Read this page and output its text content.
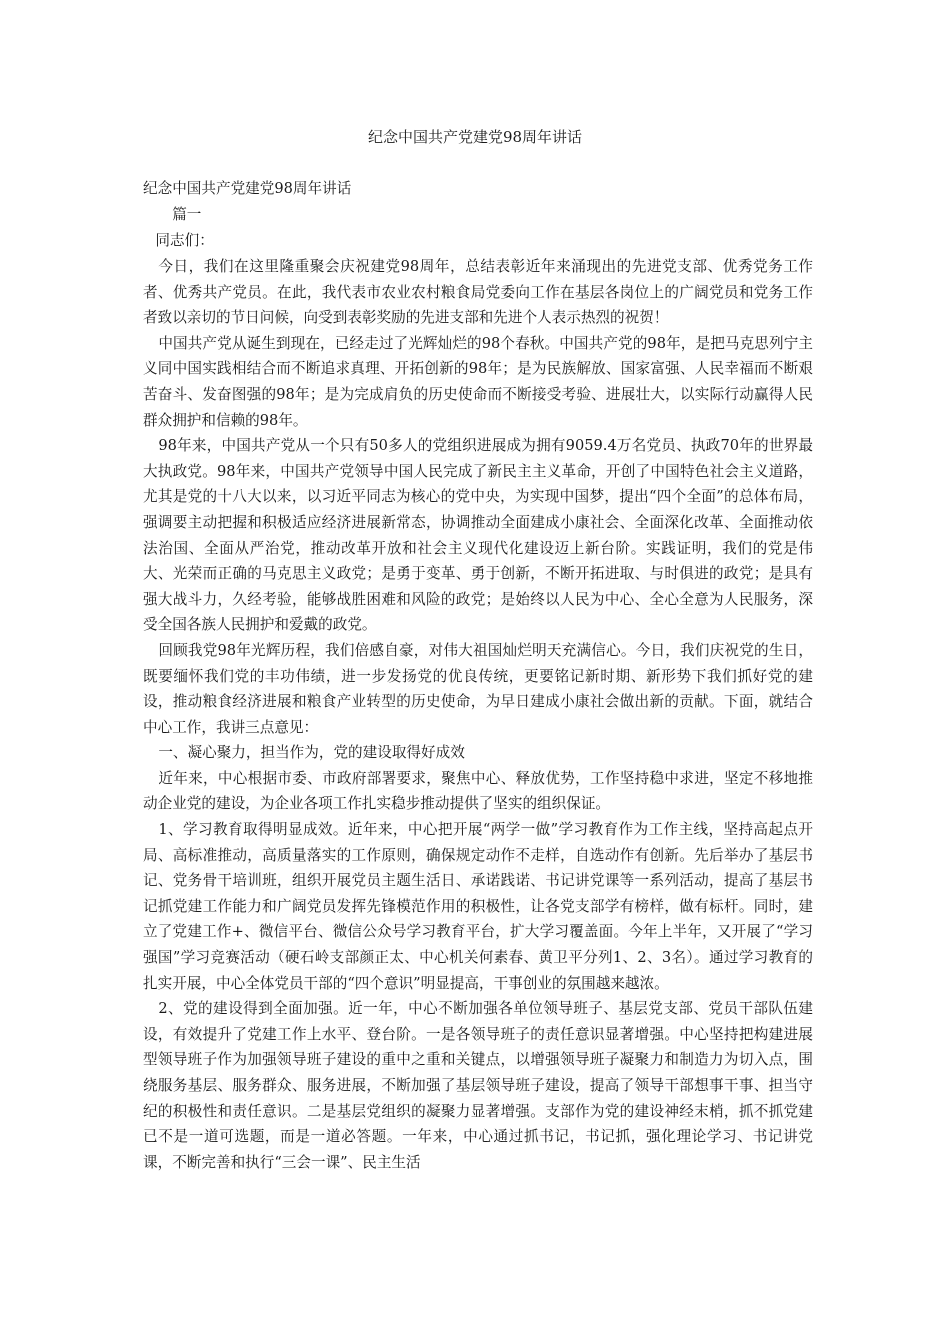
纪念中国共产党建党98周年讲话

纪念中国共产党建党98周年讲话

篇一

同志们：

今日，我们在这里隆重聚会庆祝建党98周年，总结表彰近年来涌现出的先进党支部、优秀党务工作者、优秀共产党员。在此，我代表市农业农村粮食局党委向工作在基层各岗位上的广阔党员和党务工作者致以亲切的节日问候，向受到表彰奖励的先进支部和先进个人表示热烈的祝贺！

中国共产党从诞生到现在，已经走过了光辉灿烂的98个春秋。中国共产党的98年，是把马克思列宁主义同中国实践相结合而不断追求真理、开拓创新的98年；是为民族解放、国家富强、人民幸福而不断艰苦奋斗、发奋图强的98年；是为完成肩负的历史使命而不断接受考验、进展壮大，以实际行动赢得人民群众拥护和信赖的98年。

98年来，中国共产党从一个只有50多人的党组织进展成为拥有9059.4万名党员、执政70年的世界最大执政党。98年来，中国共产党领导中国人民完成了新民主主义革命，开创了中国特色社会主义道路，尤其是党的十八大以来，以习近平同志为核心的党中央，为实现中国梦，提出“四个全面”的总体布局，强调要主动把握和积极适应经济进展新常态，协调推动全面建成小康社会、全面深化改革、全面推动依法治国、全面从严治党，推动改革开放和社会主义现代化建设迈上新台阶。实践证明，我们的党是伟大、光荣而正确的马克思主义政党；是勇于变革、勇于创新，不断开拓进取、与时俱进的政党；是具有强大战斗力，久经考验，能够战胜困难和风险的政党；是始终以人民为中心、全心全意为人民服务，深受全国各族人民拥护和爱戴的政党。

回顾我党98年光辉历程，我们倍感自豪，对伟大祖国灿烂明天充满信心。今日，我们庆祝党的生日，既要缅怀我们党的丰功伟绩，进一步发扬党的优良传统，更要铭记新时期、新形势下我们抓好党的建设，推动粮食经济进展和粮食产业转型的历史使命，为早日建成小康社会做出新的贡献。下面，就结合中心工作，我讲三点意见：

一、凝心聚力，担当作为，党的建设取得好成效

近年来，中心根据市委、市政府部署要求，聚焦中心、释放优势，工作坚持稳中求进，坚定不移地推动企业党的建设，为企业各项工作扎实稳步推动提供了坚实的组织保证。

1、学习教育取得明显成效。近年来，中心把开展“两学一做”学习教育作为工作主线，坚持高起点开局、高标准推动，高质量落实的工作原则，确保规定动作不走样，自选动作有创新。先后举办了基层书记、党务骨干培训班，组织开展党员主题生活日、承诺践诺、书记讲党课等一系列活动，提高了基层书记抓党建工作能力和广阔党员发挥先锋模范作用的积极性，让各党支部学有榜样，做有标杆。同时，建立了党建工作+、微信平台、微信公众号学习教育平台，扩大学习覆盖面。今年上半年，又开展了“学习强国”学习竞赛活动（硬石岭支部颜正太、中心机关何素春、黄卫平分列1、2、3名）。通过学习教育的扎实开展，中心全体党员干部的“四个意识”明显提高，干事创业的氛围越来越浓。

2、党的建设得到全面加强。近一年，中心不断加强各单位领导班子、基层党支部、党员干部队伍建设，有效提升了党建工作上水平、登台阶。一是各领导班子的责任意识显著增强。中心坚持把构建进展型领导班子作为加强领导班子建设的重中之重和关键点，以增强领导班子凝聚力和制造力为切入点，围绕服务基层、服务群众、服务进展，不断加强了基层领导班子建设，提高了领导干部想事干事、担当守纪的积极性和责任意识。二是基层党组织的凝聚力显著增强。支部作为党的建设神经末梢，抓不抓党建已不是一道可选题，而是一道必答题。一年来，中心通过抓书记，书记抓，强化理论学习、书记讲党课，不断完善和执行“三会一课”、民主生活
